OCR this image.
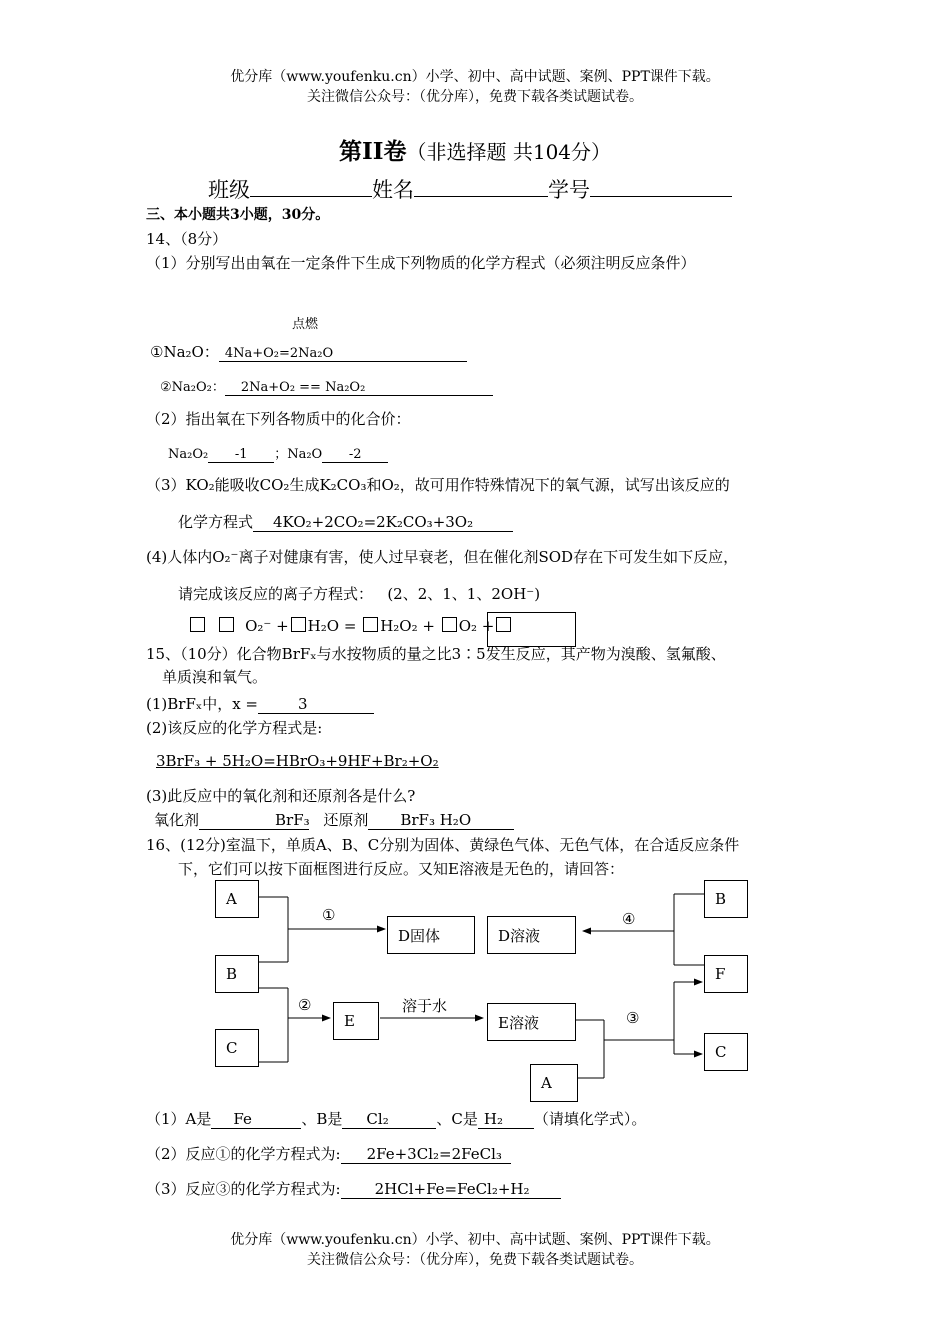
优分库（www.youfenku.cn）小学、初中、高中试题、案例、PPT课件下载。
关注微信公众号：（优分库），免费下载各类试题试卷。
第II卷（非选择题 共104分）
班级	姓名	学号
三、本小题共3小题，30分。
14、（8分）
（1）分别写出由氧在一定条件下生成下列物质的化学方程式（必须注明反应条件）
点燃
①Na₂O： 4Na+O₂=2Na₂O
②Na₂O₂： 2Na+O₂ == Na₂O₂
（2）指出氧在下列各物质中的化合价：
Na₂O₂ -1 ；Na₂O -2
（3）KO₂能吸收CO₂生成K₂CO₃和O₂，故可用作特殊情况下的氧气源，试写出该反应的
化学方程式 4KO₂+2CO₂=2K₂CO₃+3O₂
(4)人体内O₂⁻离子对健康有害，使人过早衰老，但在催化剂SOD存在下可发生如下反应，
请完成该反应的离子方程式： (2、2、1、1、2OH⁻)
O₂⁻ + H₂O = H₂O₂ + O₂ +
15、（10分）化合物BrFₓ与水按物质的量之比3∶5发生反应，其产物为溴酸、氢氟酸、
单质溴和氧气。
(1)BrFₓ中，x =	3
(2)该反应的化学方程式是:
3BrF₃ + 5H₂O=HBrO₃+9HF+Br₂+O₂
(3)此反应中的氧化剂和还原剂各是什么?
氧化剂	BrF₃ 还原剂 BrF₃ H₂O
16、(12分)室温下，单质A、B、C分别为固体、黄绿色气体、无色气体，在合适反应条件
下，它们可以按下面框图进行反应。又知E溶液是无色的，请回答：
A
B
C
D固体	D溶液
E	E溶液
A
B
F
C
①
②
③
④
溶于水
（1）A是 Fe	、B是 Cl₂	、C是 H₂ （请填化学式）。
（2）反应①的化学方程式为: 2Fe+3Cl₂=2FeCl₃
（3）反应③的化学方程式为: 2HCl+Fe=FeCl₂+H₂
优分库（www.youfenku.cn）小学、初中、高中试题、案例、PPT课件下载。
关注微信公众号：（优分库），免费下载各类试题试卷。
